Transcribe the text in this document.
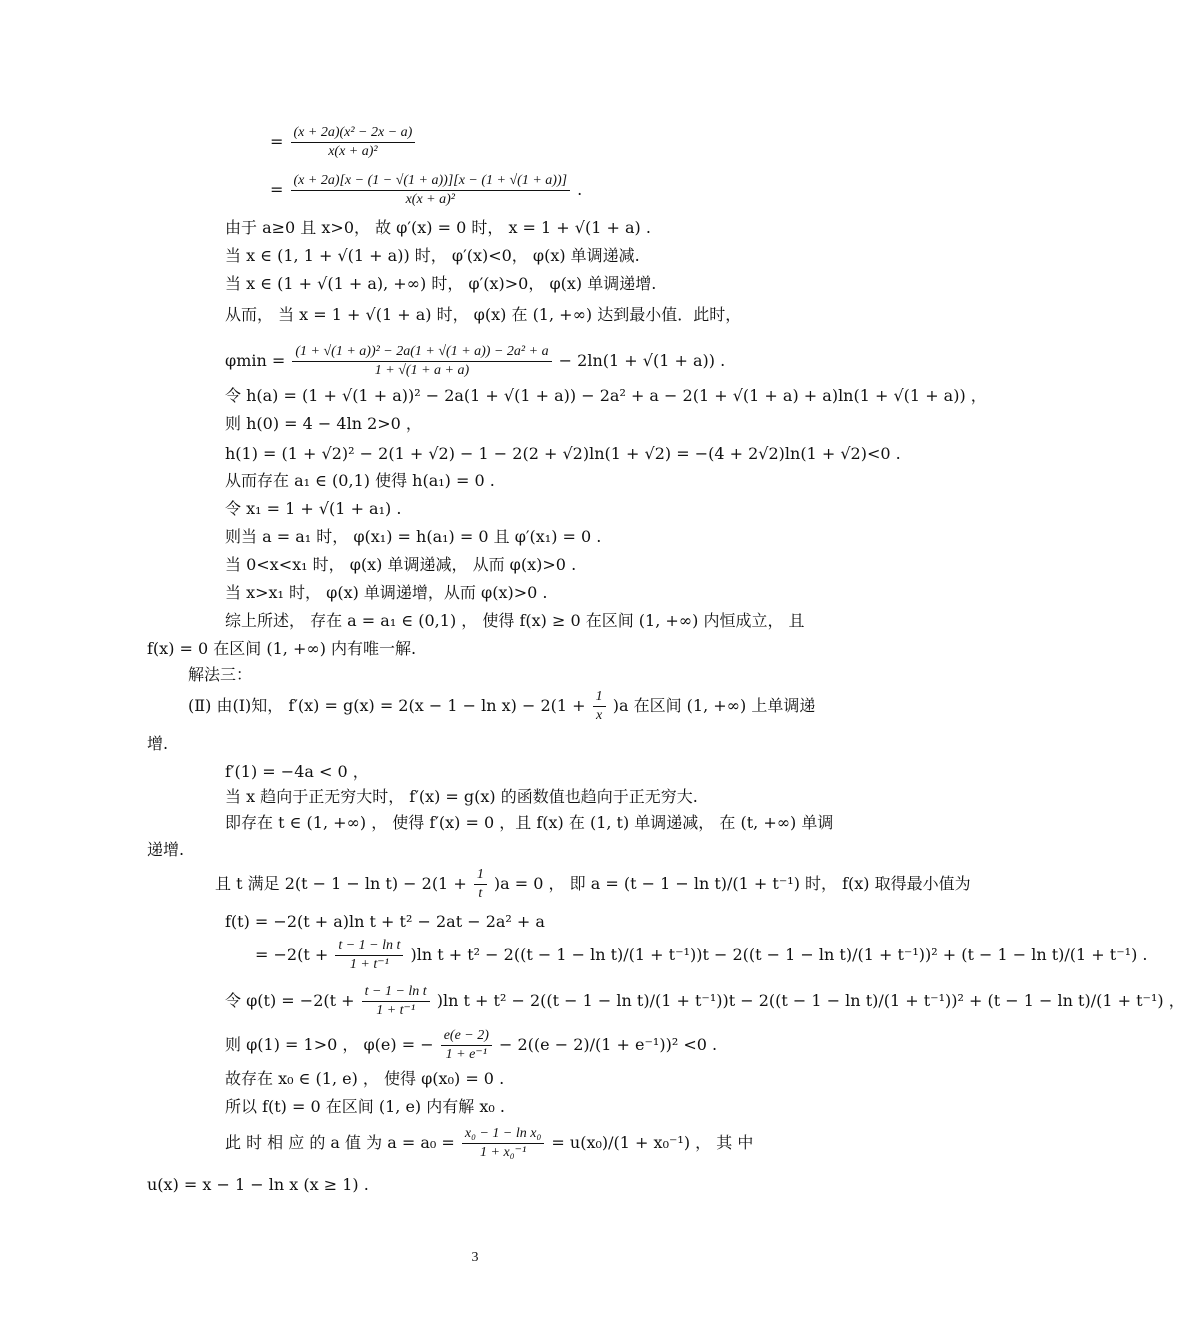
= $\frac{\text{(x + 2a)(x² − 2x − a)}}{\text{x(x + a)²}}$
= $\frac{(x + 2a)[x - (1 - √(1 + a))][x - (1 + √(1 + a))]}{\text{x(x + a)²}}$ .
由于 a≥0 且 x>0， 故 φ′(x) = 0 时， x = 1 + √(1 + a) .
当 x ∈ (1, 1 + √(1 + a)) 时， φ′(x)<0， φ(x) 单调递减.
当 x ∈ (1 + √(1 + a), +∞) 时， φ′(x)>0， φ(x) 单调递增.
从而， 当 x = 1 + √(1 + a) 时， φ(x) 在 (1, +∞) 达到最小值．此时，
$\varphi\min = \frac{\text{(1 + √(1 + a))² − 2a(1 + √(1 + a)) − 2a² + a}}{1 + √(1 + a + a)} - 2\ln(1 + √(1 + a))$ .
令 h(a) = (1 + √(1 + a))² − 2a(1 + √(1 + a)) − 2a² + a − 2(1 + √(1 + a) + a)ln(1 + √(1 + a)) ，
则 h(0) = 4 − 4ln 2>0 ，
h(1) = (1 + √2)² − 2(1 + √2) − 1 − 2(2 + √2)ln(1 + √2) = −(4 + 2√2)ln(1 + √2)<0 .
从而存在 a₁ ∈ (0,1) 使得 h(a₁) = 0 .
令 x₁ = 1 + √(1 + a₁) .
则当 a = a₁ 时， φ(x₁) = h(a₁) = 0 且 φ′(x₁) = 0 .
当 0<x<x₁ 时， φ(x) 单调递减， 从而 φ(x)>0 .
当 x>x₁ 时， φ(x) 单调递增，从而 φ(x)>0 .
综上所述， 存在 a = a₁ ∈ (0,1) ， 使得 f(x) ≥ 0 在区间 (1, +∞) 内恒成立， 且
f(x) = 0 在区间 (1, +∞) 内有唯一解.
解法三：
(Ⅱ) 由(Ⅰ)知， $f'(x) = g(x) = 2(x - 1 - \ln x) - 2(1 + \frac{1}{x} )a$ 在区间 (1, +∞) 上单调递
增.
f′(1) = −4a < 0 ，
当 x 趋向于正无穷大时， f′(x) = g(x) 的函数值也趋向于正无穷大.
即存在 t ∈ (1, +∞) ， 使得 f′(x) = 0 ，且 f(x) 在 (1, t) 单调递减， 在 (t, +∞) 单调
递增.
且 t 满足 $2(t - 1 - \ln t) - 2(1 + \frac{1}{t} )a = 0$ ， 即 a = (t − 1 − ln t)/(1 + t⁻¹) 时， f(x) 取得最小值为
f(t) = −2(t + a)ln t + t² − 2at − 2a² + a
= $-2(t + \frac{\text{t − 1 − ln t}}{\text{1 + t⁻¹}} )\ln$ t + t² − 2((t − 1 − ln t)/(1 + t⁻¹))t − 2((t − 1 − ln t)/(1 + t⁻¹))² + (t − 1 − ln t)/(1 + t⁻¹) .
令 $\varphi(t) = -2(t + \frac{\text{t − 1 − ln t}}{\text{1 + t⁻¹}} )\ln$ t + t² − 2((t − 1 − ln t)/(1 + t⁻¹))t − 2((t − 1 − ln t)/(1 + t⁻¹))² + (t − 1 − ln t)/(1 + t⁻¹) ，
则 φ(1) = 1>0 ， φ(e) = − $\frac{e(e - 2)}{\text{1 + e⁻¹}} - 2((e - 2)/(1 + e^{-1}))^2 <0$ .
故存在 x₀ ∈ (1, e) ， 使得 φ(x₀) = 0 .
所以 f(t) = 0 在区间 (1, e) 内有解 x₀ .
此 时 相 应 的 a 值 为 $a = a_0 = \frac{\text{x₀ − 1 − ln x₀}}{\text{1 + x₀⁻¹}} = u(x_0)/(1 + x_0^{-1})$ ， 其 中
u(x) = x − 1 − ln x (x ≥ 1) .
3
